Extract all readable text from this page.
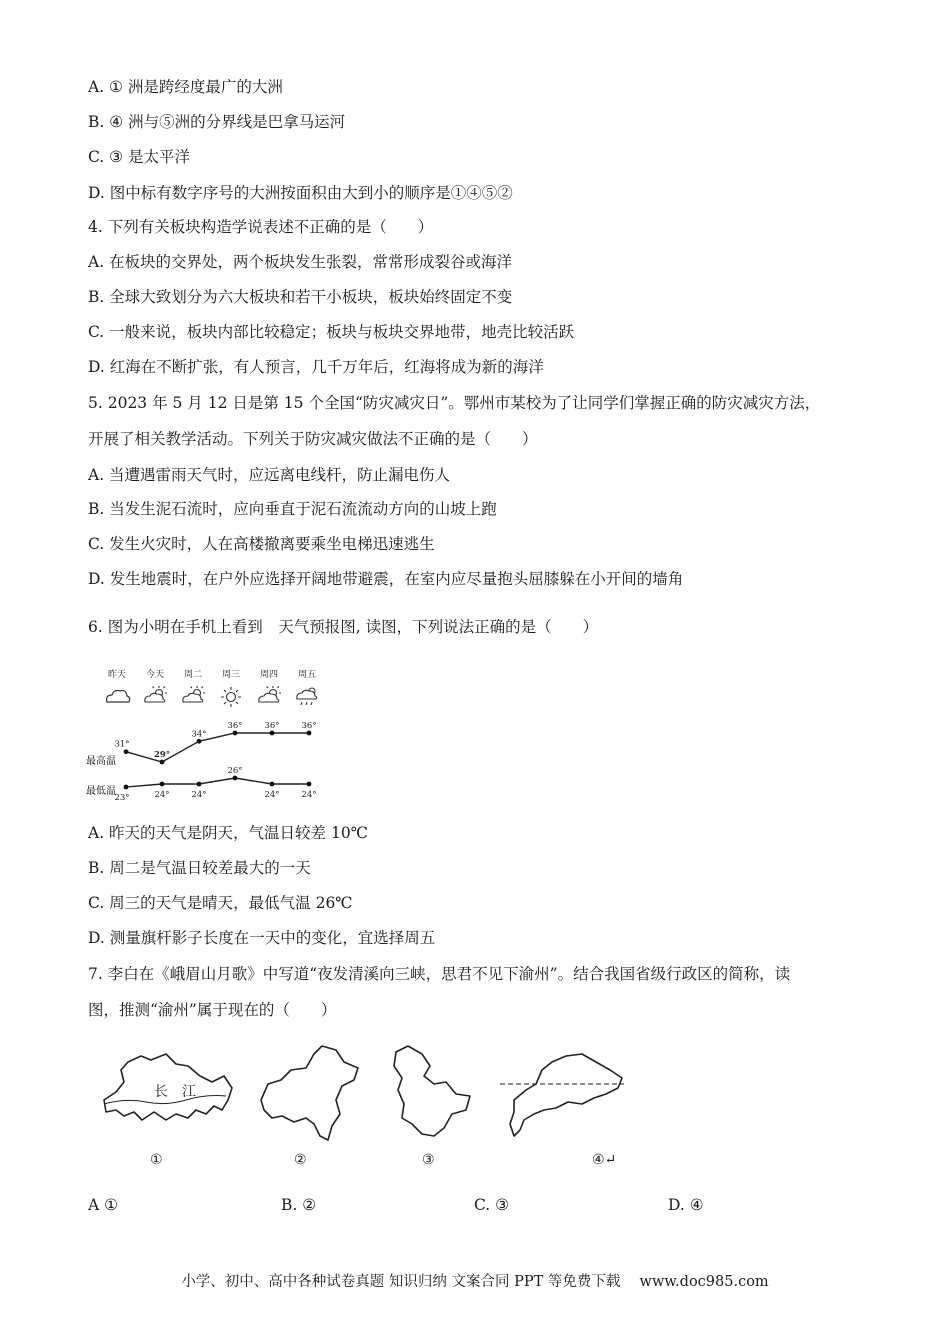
A. ① 洲是跨经度最广的大洲
B. ④ 洲与⑤洲的分界线是巴拿马运河
C. ③ 是太平洋
D. 图中标有数字序号的大洲按面积由大到小的顺序是①④⑤②
4. 下列有关板块构造学说表述不正确的是（　　）
A. 在板块的交界处，两个板块发生张裂，常常形成裂谷或海洋
B. 全球大致划分为六大板块和若干小板块，板块始终固定不变
C. 一般来说，板块内部比较稳定；板块与板块交界地带，地壳比较活跃
D. 红海在不断扩张，有人预言，几千万年后，红海将成为新的海洋
5. 2023 年 5 月 12 日是第 15 个全国“防灾减灾日”。鄂州市某校为了让同学们掌握正确的防灾减灾方法，
开展了相关教学活动。下列关于防灾减灾做法不正确的是（　　）
A. 当遭遇雷雨天气时，应远离电线杆，防止漏电伤人
B. 当发生泥石流时，应向垂直于泥石流流动方向的山坡上跑
C. 发生火灾时，人在高楼撤离要乘坐电梯迅速逃生
D. 发生地震时，在户外应选择开阔地带避震，在室内应尽量抱头屈膝躲在小开间的墙角
6. 图为小明在手机上看到　天气预报图, 读图，下列说法正确的是（　　）
昨天 今天 周二 周三 周四 周五
最高温
最低温
31°
29°
34°
36°	36°	36°
23°	24°	24°
26°
24°	24°
A. 昨天的天气是阴天，气温日较差 10℃
B. 周二是气温日较差最大的一天
C. 周三的天气是晴天，最低气温 26℃
D. 测量旗杆影子长度在一天中的变化，宜选择周五
7. 李白在《峨眉山月歌》中写道“夜发清溪向三峡，思君不见下渝州”。结合我国省级行政区的简称，读
图，推测“渝州”属于现在的（　　）
长　江
①	②	③	④↵
A ①	B. ②	C. ③	D. ④
小学、初中、高中各种试卷真题 知识归纳 文案合同 PPT 等免费下载　 www.doc985.com
